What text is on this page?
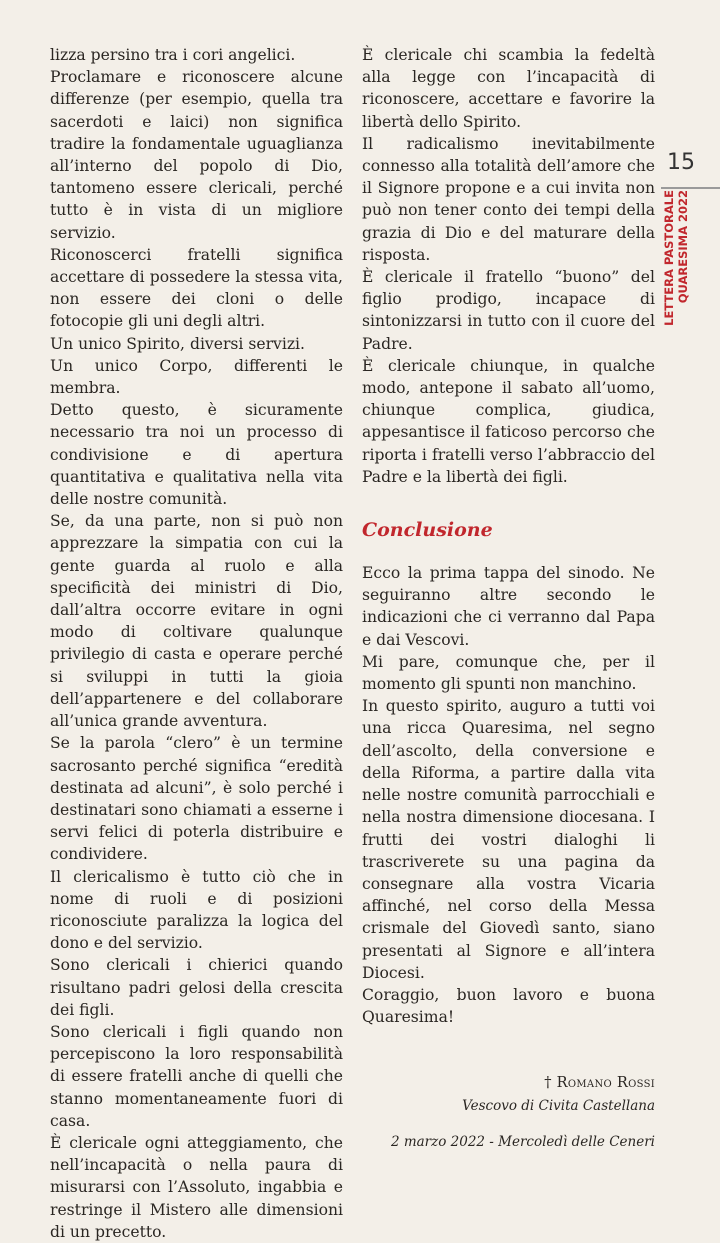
lizza persino tra i cori angelici.

Proclamare e riconoscere alcune differenze (per esempio, quella tra sacerdoti e laici) non significa tradire la fondamentale uguaglianza all’interno del popolo di Dio, tantomeno essere clericali, perché tutto è in vista di un migliore servizio.

Riconoscerci fratelli significa accettare di possedere la stessa vita, non essere dei cloni o delle fotocopie gli uni degli altri.

Un unico Spirito, diversi servizi.

Un unico Corpo, differenti le membra.

Detto questo, è sicuramente necessario tra noi un processo di condivisione e di apertura quantitativa e qualitativa nella vita delle nostre comunità.

Se, da una parte, non si può non apprezzare la simpatia con cui la gente guarda al ruolo e alla specificità dei ministri di Dio, dall’altra occorre evitare in ogni modo di coltivare qualunque privilegio di casta e operare perché si sviluppi in tutti la gioia dell’appartenere e del collaborare all’unica grande avventura.

Se la parola “clero” è un termine sacrosanto perché significa “eredità destinata ad alcuni”, è solo perché i destinatari sono chiamati a esserne i servi felici di poterla distribuire e condividere.

Il clericalismo è tutto ciò che in nome di ruoli e di posizioni riconosciute paralizza la logica del dono e del servizio.

Sono clericali i chierici quando risultano padri gelosi della crescita dei figli.

Sono clericali i figli quando non percepiscono la loro responsabilità di essere fratelli anche di quelli che stanno momentaneamente fuori di casa.

È clericale ogni atteggiamento, che nell’incapacità o nella paura di misurarsi con l’Assoluto, ingabbia e restringe il Mistero alle dimensioni di un precetto.

È clericale chi scambia la fedeltà alla legge con l’incapacità di riconoscere, accettare e favorire la libertà dello Spirito.

Il radicalismo inevitabilmente connesso alla totalità dell’amore che il Signore propone e a cui invita non può non tener conto dei tempi della grazia di Dio e del maturare della risposta.

È clericale il fratello “buono” del figlio prodigo, incapace di sintonizzarsi in tutto con il cuore del Padre.

È clericale chiunque, in qualche modo, antepone il sabato all’uomo, chiunque complica, giudica, appesantisce il faticoso percorso che riporta i fratelli verso l’abbraccio del Padre e la libertà dei figli.

Conclusione

Ecco la prima tappa del sinodo. Ne seguiranno altre secondo le indicazioni che ci verranno dal Papa e dai Vescovi.

Mi pare, comunque che, per il momento gli spunti non manchino.

In questo spirito, auguro a tutti voi una ricca Quaresima, nel segno dell’ascolto, della conversione e della Riforma, a partire dalla vita nelle nostre comunità parrocchiali e nella nostra dimensione diocesana. I frutti dei vostri dialoghi li trascriverete su una pagina da consegnare alla vostra Vicaria affinché, nel corso della Messa crismale del Giovedì santo, siano presentati al Signore e all’intera Diocesi.

Coraggio, buon lavoro e buona Quaresima!

† Romano Rossi
Vescovo di Civita Castellana
2 marzo 2022 - Mercoledì delle Ceneri
15
LETTERA PASTORALE QUARESIMA 2022
